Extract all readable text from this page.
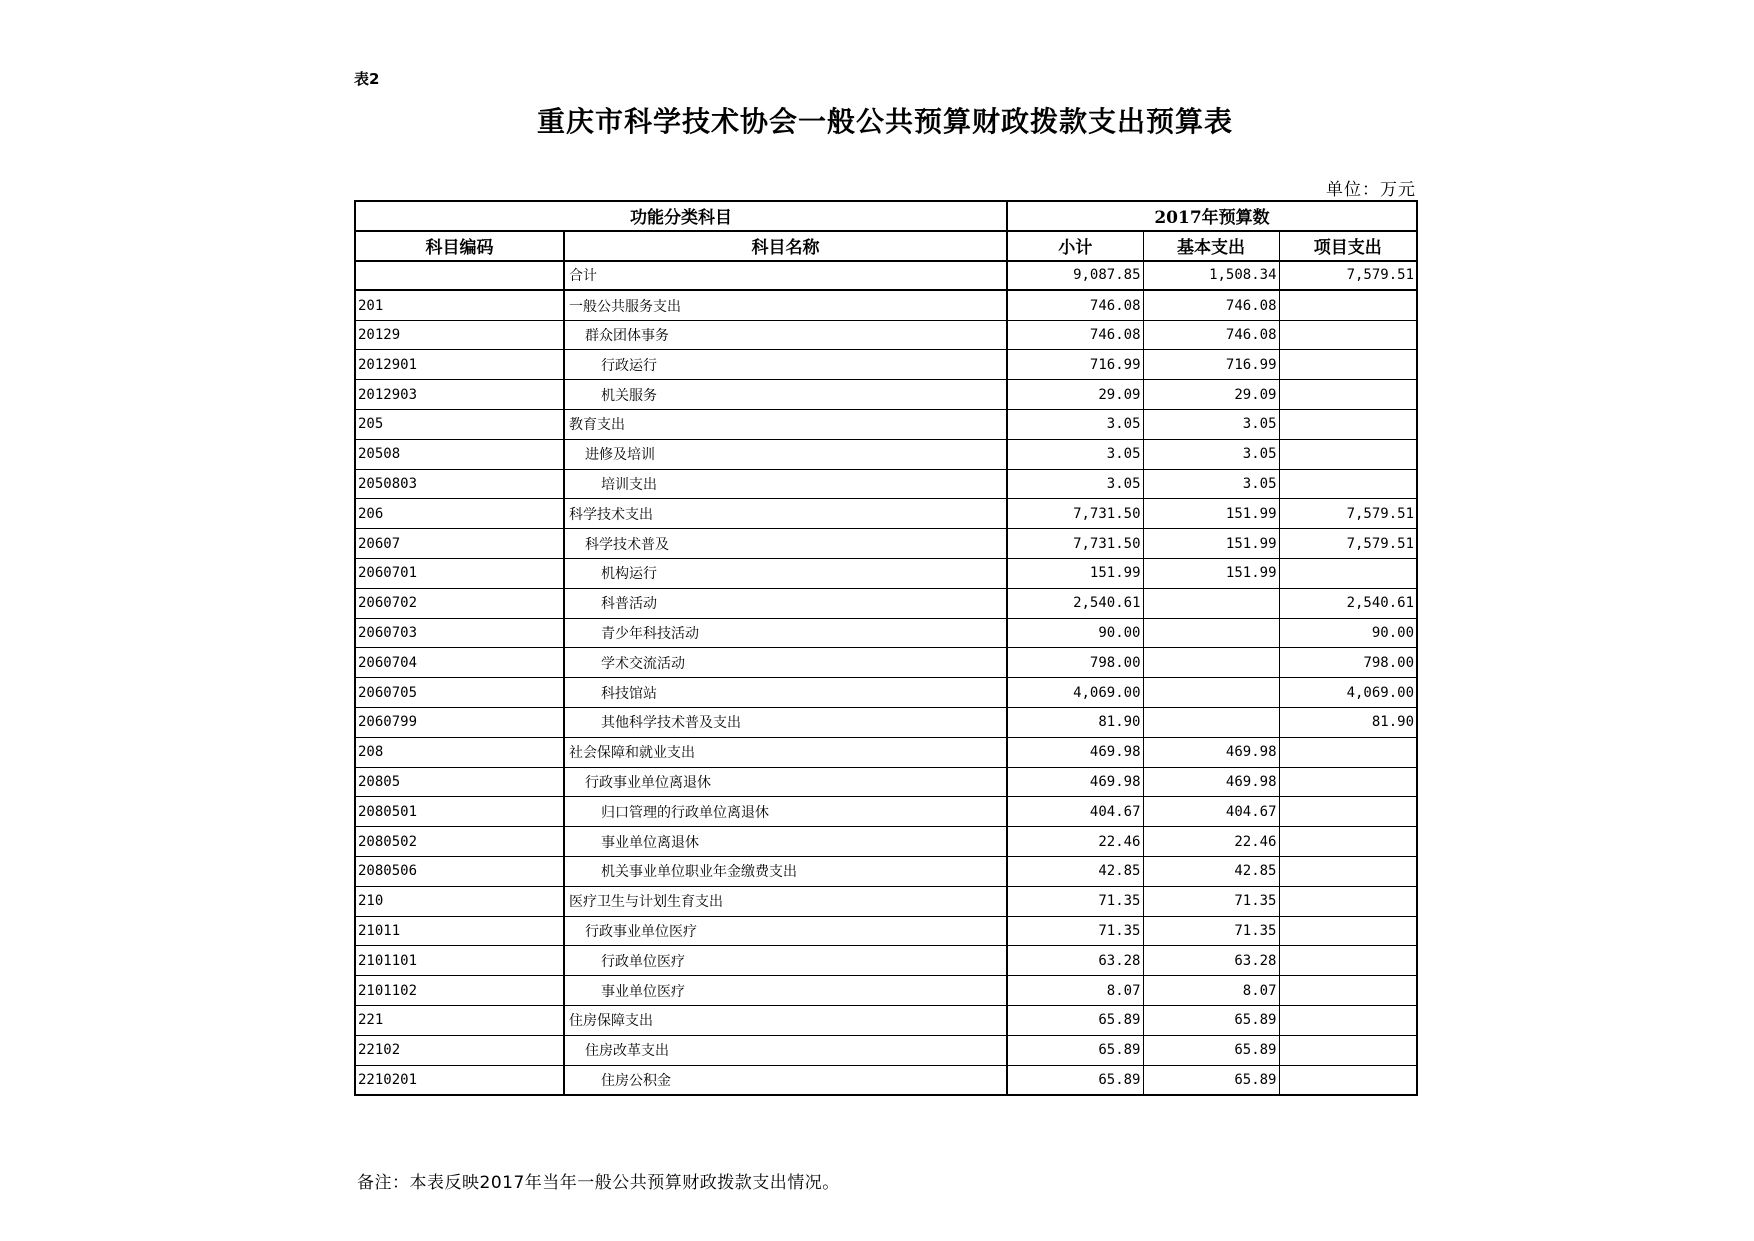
表2
重庆市科学技术协会一般公共预算财政拨款支出预算表
单位：万元
功能分类科目		2017年预算数		
科目编码	科目名称	小计	基本支出	项目支出
	合计	9,087.85	1,508.34	7,579.51
201	一般公共服务支出	746.08	746.08	
20129	群众团体事务	746.08	746.08	
2012901	行政运行	716.99	716.99	
2012903	机关服务	29.09	29.09	
205	教育支出	3.05	3.05	
20508	进修及培训	3.05	3.05	
2050803	培训支出	3.05	3.05	
206	科学技术支出	7,731.50	151.99	7,579.51
20607	科学技术普及	7,731.50	151.99	7,579.51
2060701	机构运行	151.99	151.99	
2060702	科普活动	2,540.61		2,540.61
2060703	青少年科技活动	90.00		90.00
2060704	学术交流活动	798.00		798.00
2060705	科技馆站	4,069.00		4,069.00
2060799	其他科学技术普及支出	81.90		81.90
208	社会保障和就业支出	469.98	469.98	
20805	行政事业单位离退休	469.98	469.98	
2080501	归口管理的行政单位离退休	404.67	404.67	
2080502	事业单位离退休	22.46	22.46	
2080506	机关事业单位职业年金缴费支出	42.85	42.85	
210	医疗卫生与计划生育支出	71.35	71.35	
21011	行政事业单位医疗	71.35	71.35	
2101101	行政单位医疗	63.28	63.28	
2101102	事业单位医疗	8.07	8.07	
221	住房保障支出	65.89	65.89	
22102	住房改革支出	65.89	65.89	
2210201	住房公积金	65.89	65.89	
备注：本表反映2017年当年一般公共预算财政拨款支出情况。
